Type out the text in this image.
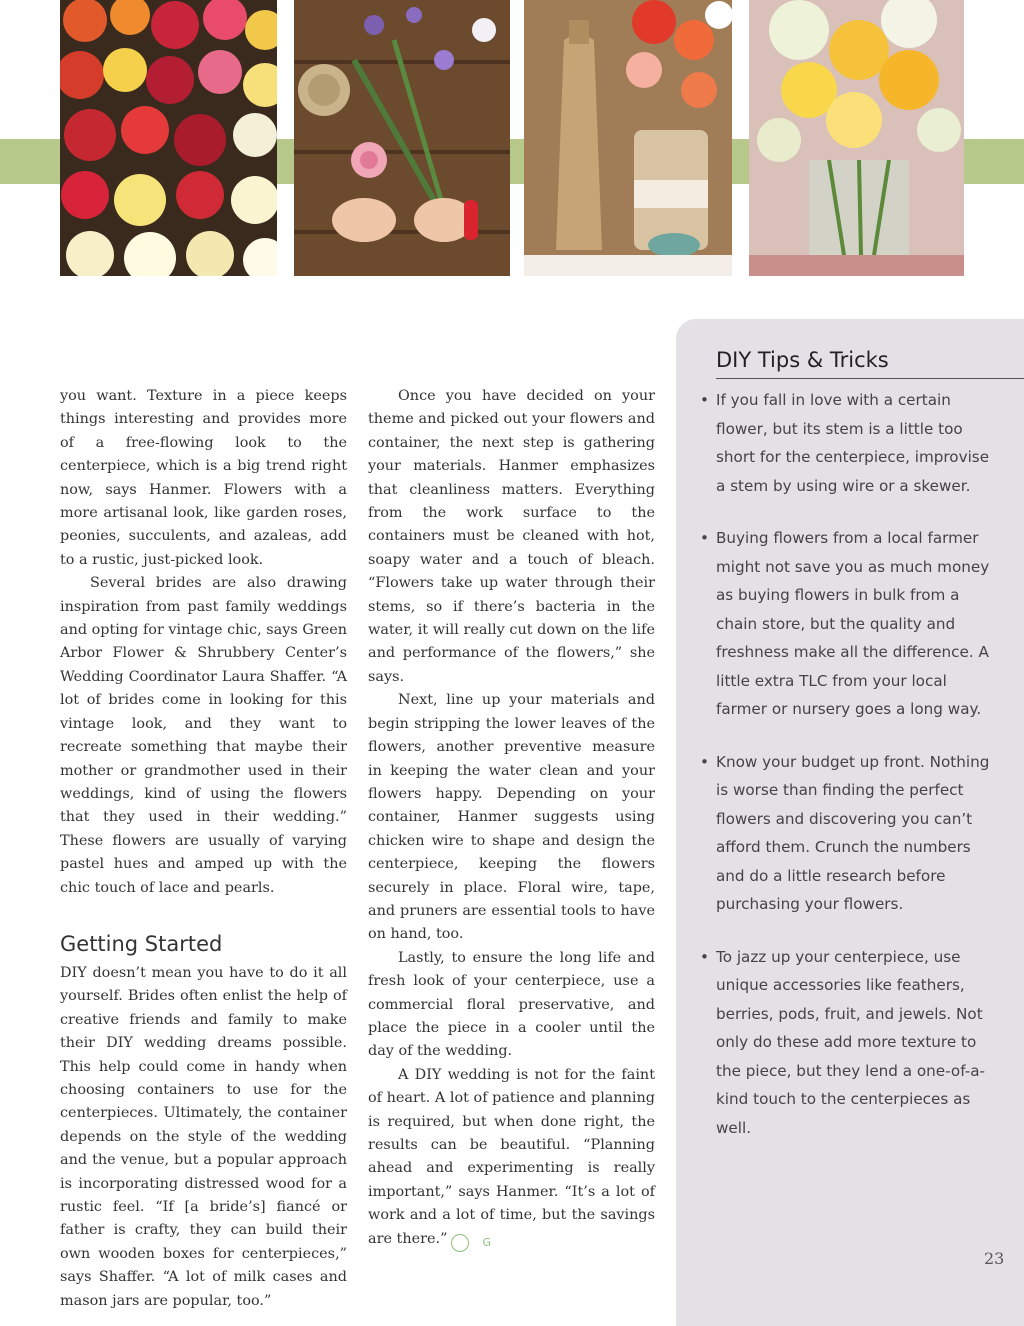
you want. Texture in a piece keeps things interesting and provides more of a free-flowing look to the centerpiece, which is a big trend right now, says Hanmer. Flowers with a more artisanal look, like garden roses, peonies, succulents, and azaleas, add to a rustic, just-picked look.

Several brides are also drawing inspiration from past family weddings and opting for vintage chic, says Green Arbor Flower & Shrubbery Center’s Wedding Coordinator Laura Shaffer. “A lot of brides come in looking for this vintage look, and they want to recreate something that maybe their mother or grandmother used in their weddings, kind of using the flowers that they used in their wedding.” These flowers are usually of varying pastel hues and amped up with the chic touch of lace and pearls.

Getting Started

DIY doesn’t mean you have to do it all yourself. Brides often enlist the help of creative friends and family to make their DIY wedding dreams possible. This help could come in handy when choosing containers to use for the centerpieces. Ultimately, the container depends on the style of the wedding and the venue, but a popular approach is incorporating distressed wood for a rustic feel. “If [a bride’s] fiancé or father is crafty, they can build their own wooden boxes for centerpieces,” says Shaffer. “A lot of milk cases and mason jars are popular, too.”

Once you have decided on your theme and picked out your flowers and container, the next step is gathering your materials. Hanmer emphasizes that cleanliness matters. Everything from the work surface to the containers must be cleaned with hot, soapy water and a touch of bleach. “Flowers take up water through their stems, so if there’s bacteria in the water, it will really cut down on the life and performance of the flowers,” she says.

Next, line up your materials and begin stripping the lower leaves of the flowers, another preventive measure in keeping the water clean and your flowers happy. Depending on your container, Hanmer suggests using chicken wire to shape and design the centerpiece, keeping the flowers securely in place. Floral wire, tape, and pruners are essential tools to have on hand, too.

Lastly, to ensure the long life and fresh look of your centerpiece, use a commercial floral preservative, and place the piece in a cooler until the day of the wedding.

A DIY wedding is not for the faint of heart. A lot of patience and planning is required, but when done right, the results can be beautiful. “Planning ahead and experimenting is really important,” says Hanmer. “It’s a lot of work and a lot of time, but the savings are there.”	G

DIY Tips & Tricks
• If you fall in love with a certain flower, but its stem is a little too short for the centerpiece, improvise a stem by using wire or a skewer.
• Buying flowers from a local farmer might not save you as much money as buying flowers in bulk from a chain store, but the quality and freshness make all the difference. A little extra TLC from your local farmer or nursery goes a long way.
• Know your budget up front. Nothing is worse than finding the perfect flowers and discovering you can’t afford them. Crunch the numbers and do a little research before purchasing your flowers.
• To jazz up your centerpiece, use unique accessories like feathers, berries, pods, fruit, and jewels. Not only do these add more texture to the piece, but they lend a one-of-a-kind touch to the centerpieces as well.
23
